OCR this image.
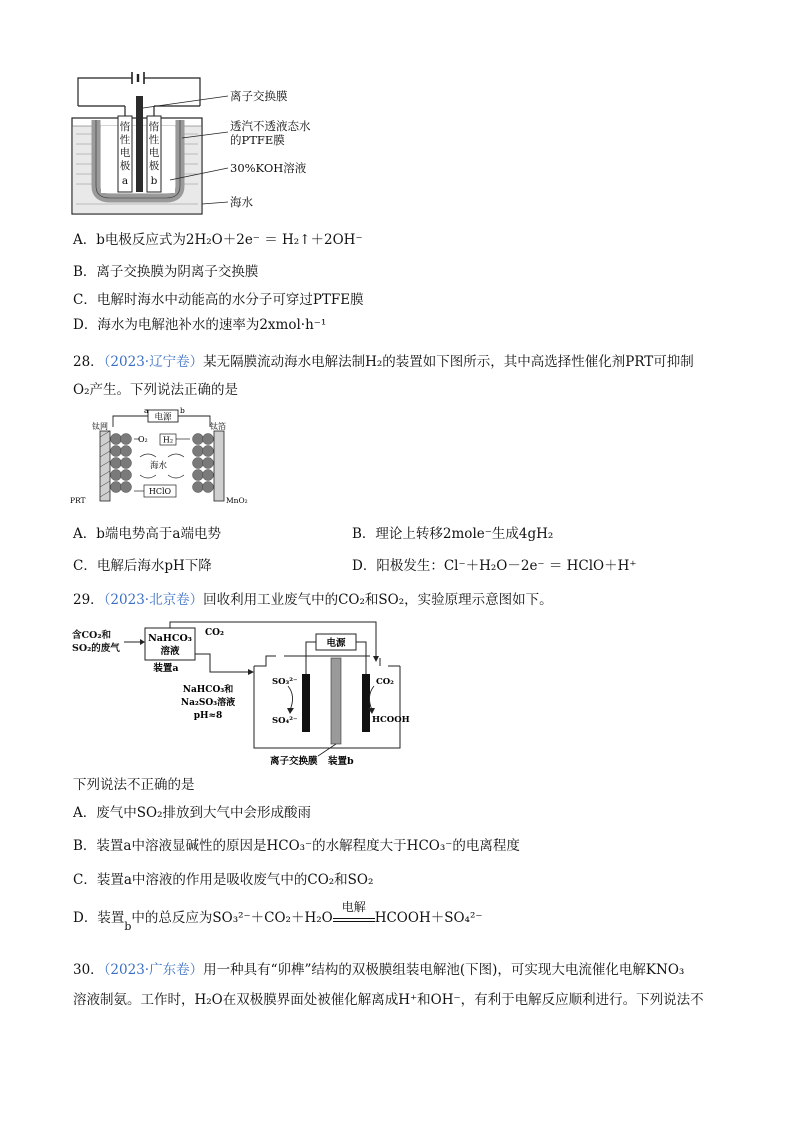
惰
性
电
极
a
惰
性
电
极
b
离子交换膜
透汽不透液态水
的PTFE膜
30%KOH溶液
海水
A．b电极反应式为2H₂O＋2e⁻ ＝ H₂↑＋2OH⁻
B．离子交换膜为阴离子交换膜
C．电解时海水中动能高的水分子可穿过PTFE膜
D．海水为电解池补水的速率为2xmol·h⁻¹
28．（2023·辽宁卷）某无隔膜流动海水电解法制H₂的装置如下图所示，其中高选择性催化剂PRT可抑制
O₂产生。下列说法正确的是
电源
a	b
钛网	钛箔
O₂ H₂
海水
HClO
PRT	MnO₂
A．b端电势高于a端电势	B．理论上转移2mole⁻生成4gH₂
C．电解后海水pH下降	D．阳极发生：Cl⁻＋H₂O－2e⁻ ＝ HClO＋H⁺
29．（2023·北京卷）回收利用工业废气中的CO₂和SO₂，实验原理示意图如下。
含CO₂和
SO₂的废气
NaHCO₃
溶液
装置a
CO₂
NaHCO₃和
Na₂SO₃溶液
pH≈8
电源
SO₃²⁻
SO₄²⁻
CO₂
HCOOH
离子交换膜 装置b
下列说法不正确的是
A．废气中SO₂排放到大气中会形成酸雨
B．装置a中溶液显碱性的原因是HCO₃⁻的水解程度大于HCO₃⁻的电离程度
C．装置a中溶液的作用是吸收废气中的CO₂和SO₂
D．装置$_b$中的总反应为SO₃²⁻＋CO₂＋H₂O
电解
HCOOH＋SO₄²⁻
30．（2023·广东卷）用一种具有“卯榫”结构的双极膜组装电解池(下图)，可实现大电流催化电解KNO₃
溶液制氨。工作时，H₂O在双极膜界面处被催化解离成H⁺和OH⁻，有利于电解反应顺利进行。下列说法不
